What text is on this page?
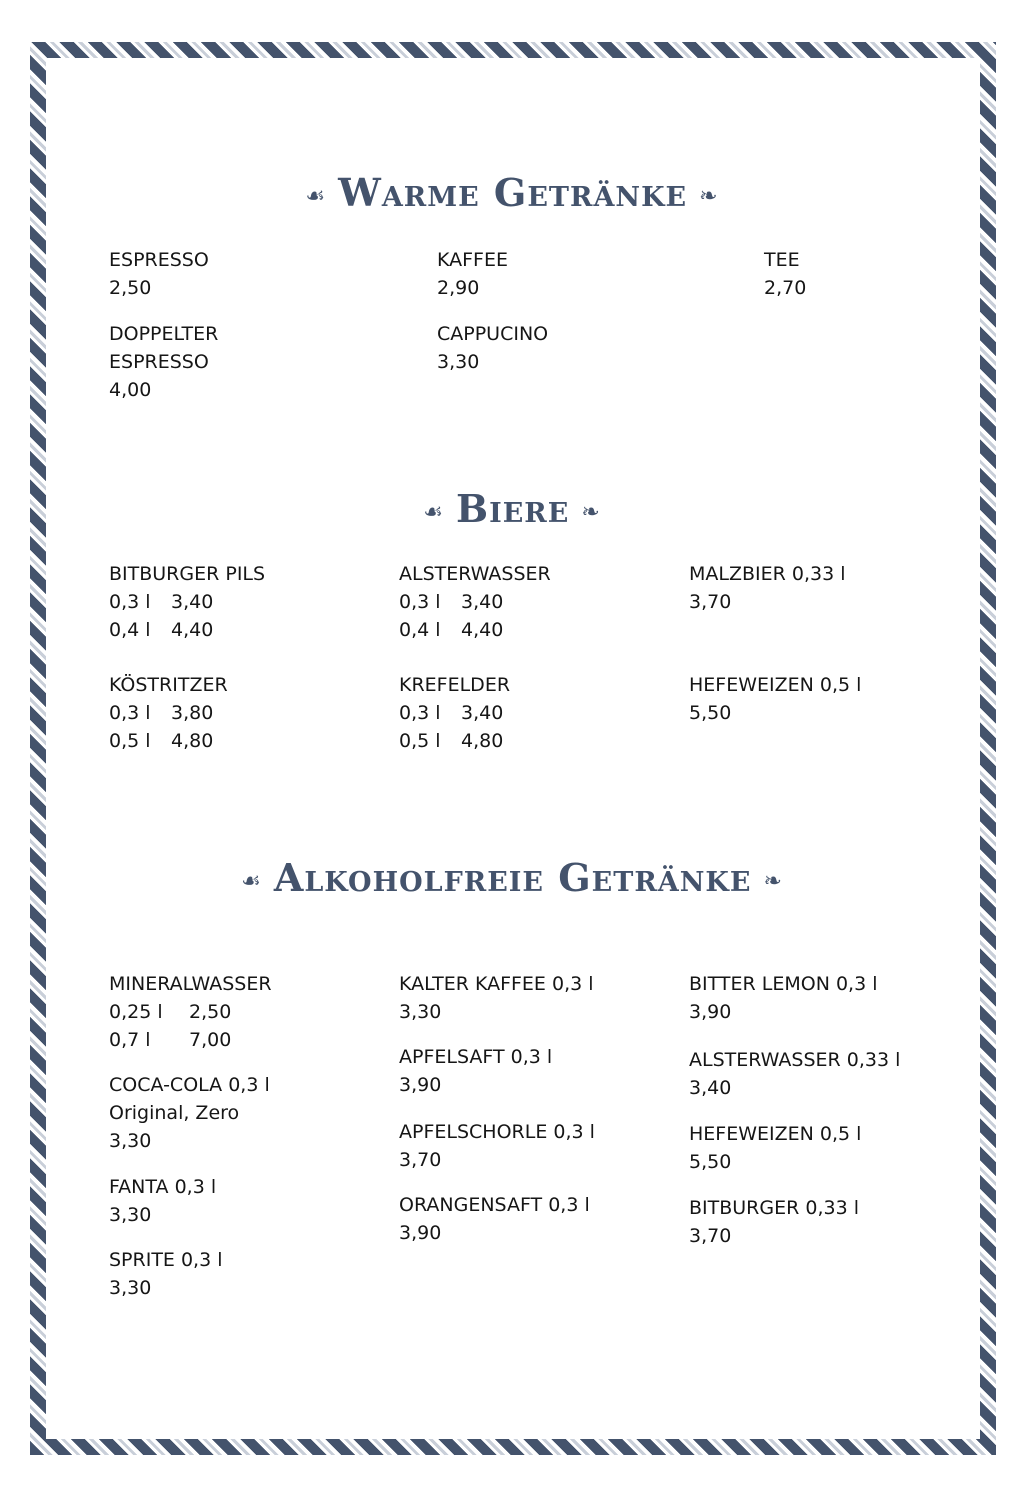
☙ Warme Getränke ❧
ESPRESSO
2,50
KAFFEE
2,90
TEE
2,70
DOPPELTER
ESPRESSO
4,00
CAPPUCINO
3,30
☙ Biere ❧
BITBURGER PILS
0,3 l 3,40
0,4 l 4,40
ALSTERWASSER
0,3 l 3,40
0,4 l 4,40
MALZBIER 0,33 l
3,70
KÖSTRITZER
0,3 l 3,80
0,5 l 4,80
KREFELDER
0,3 l 3,40
0,5 l 4,80
HEFEWEIZEN 0,5 l
5,50
☙ Alkoholfreie Getränke ❧
MINERALWASSER
0,25 l 2,50
0,7 l 7,00
COCA-COLA 0,3 l
Original, Zero
3,30
FANTA 0,3 l
3,30
SPRITE 0,3 l
3,30
KALTER KAFFEE 0,3 l
3,30
APFELSAFT 0,3 l
3,90
APFELSCHORLE 0,3 l
3,70
ORANGENSAFT 0,3 l
3,90
BITTER LEMON 0,3 l
3,90
ALSTERWASSER 0,33 l
3,40
HEFEWEIZEN 0,5 l
5,50
BITBURGER 0,33 l
3,70
